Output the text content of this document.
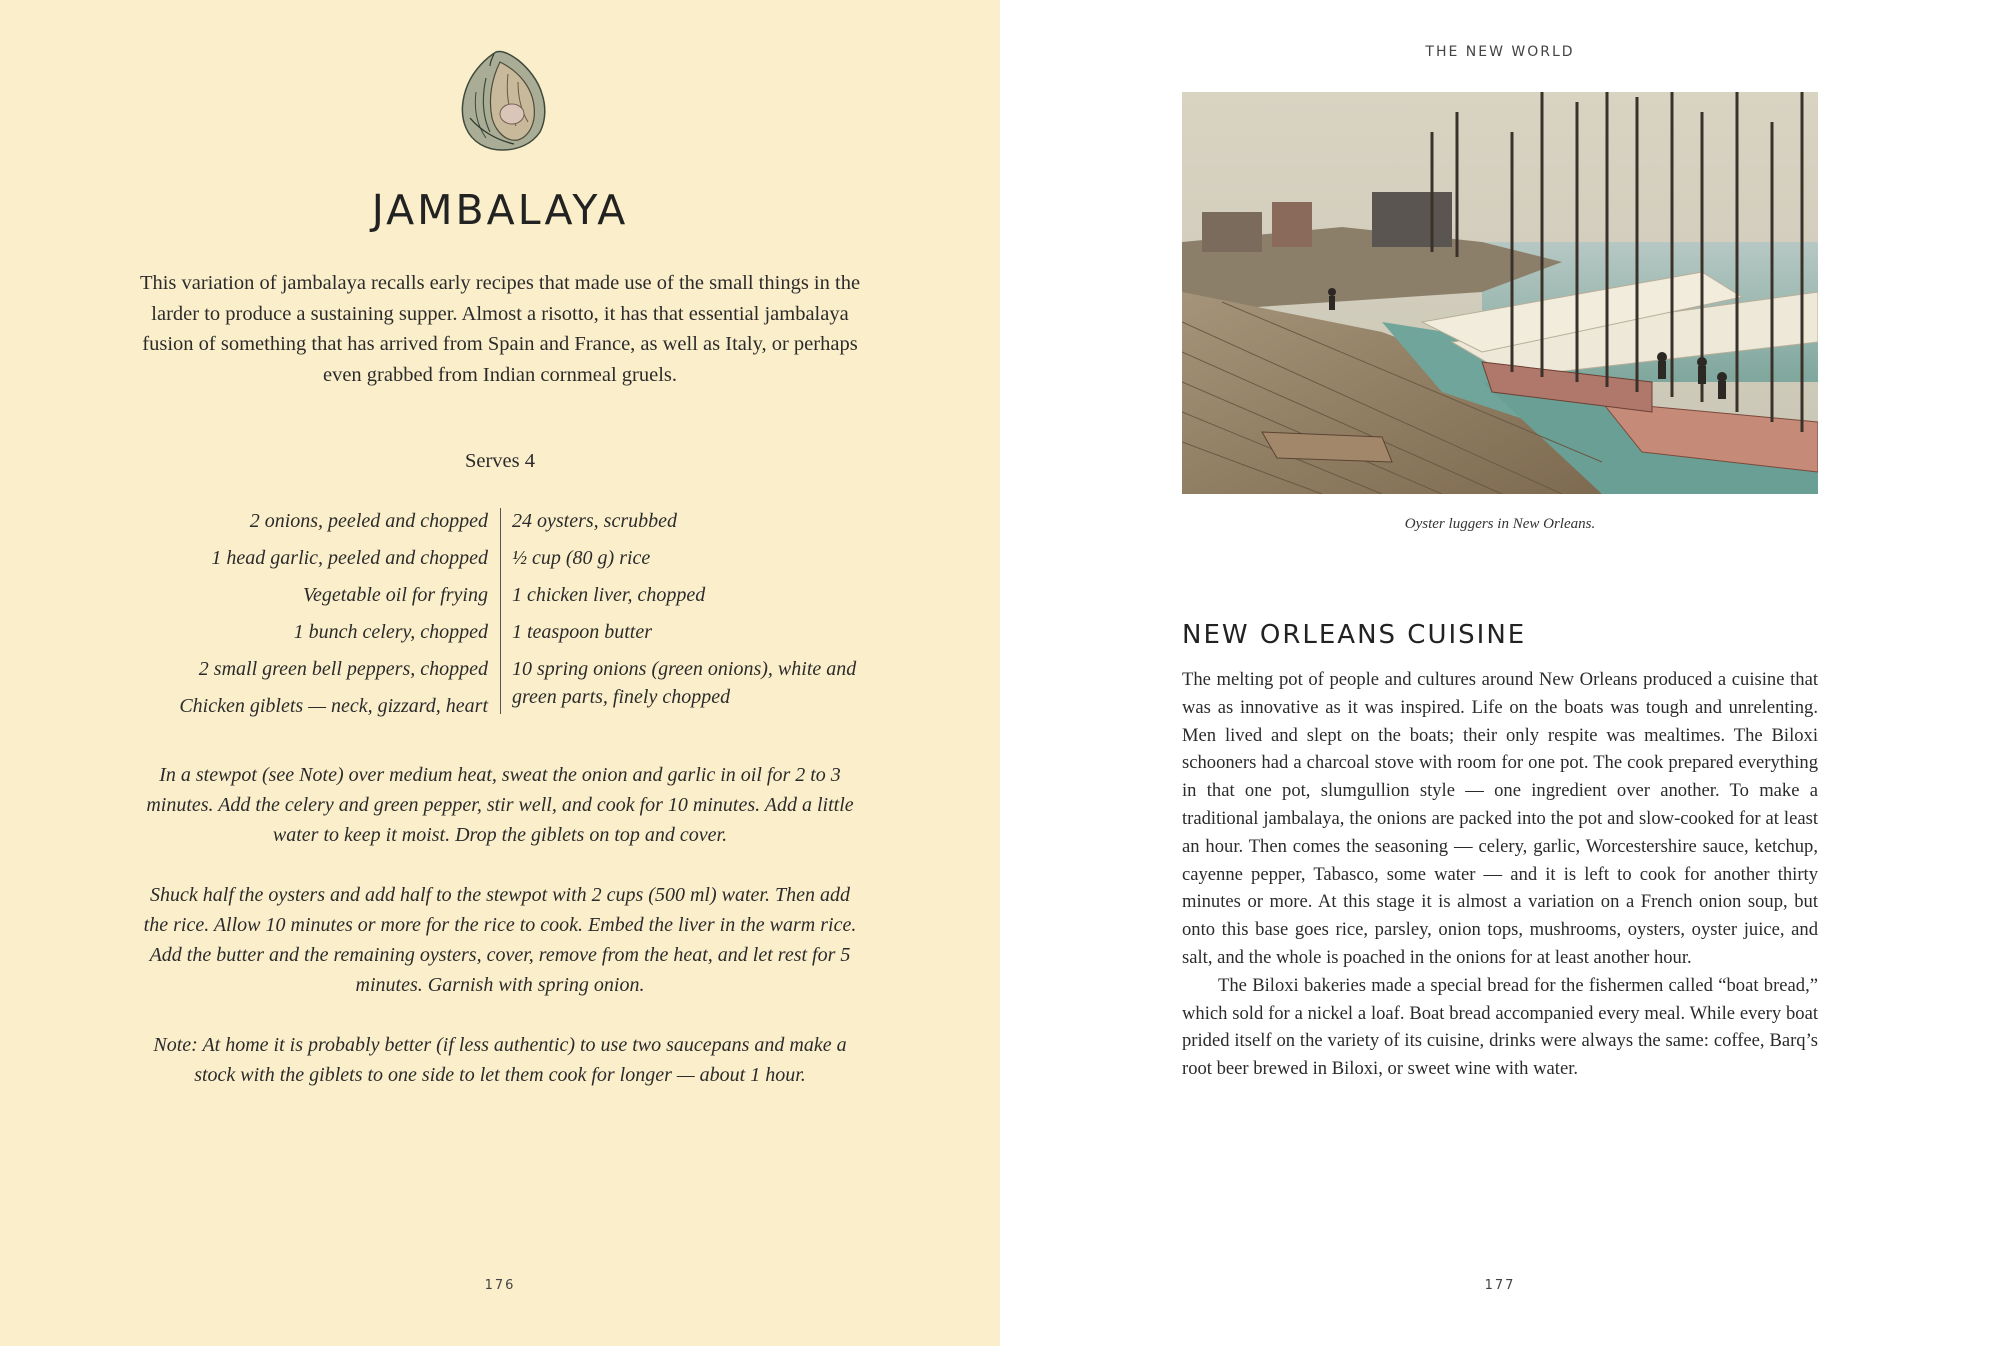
JAMBALAYA

This variation of jambalaya recalls early recipes that made use of the small things in the larder to produce a sustaining supper. Almost a risotto, it has that essential jambalaya fusion of something that has arrived from Spain and France, as well as Italy, or perhaps even grabbed from Indian cornmeal gruels.

Serves 4
2 onions, peeled and chopped
1 head garlic, peeled and chopped
Vegetable oil for frying
1 bunch celery, chopped
2 small green bell peppers, chopped
Chicken giblets — neck, gizzard, heart
24 oysters, scrubbed
½ cup (80 g) rice
1 chicken liver, chopped
1 teaspoon butter
10 spring onions (green onions), white and green parts, finely chopped

In a stewpot (see Note) over medium heat, sweat the onion and garlic in oil for 2 to 3 minutes. Add the celery and green pepper, stir well, and cook for 10 minutes. Add a little water to keep it moist. Drop the giblets on top and cover.

Shuck half the oysters and add half to the stewpot with 2 cups (500 ml) water. Then add the rice. Allow 10 minutes or more for the rice to cook. Embed the liver in the warm rice. Add the butter and the remaining oysters, cover, remove from the heat, and let rest for 5 minutes. Garnish with spring onion.

Note: At home it is probably better (if less authentic) to use two saucepans and make a stock with the giblets to one side to let them cook for longer — about 1 hour.

176
THE NEW WORLD
Oyster luggers in New Orleans.
NEW ORLEANS CUISINE

The melting pot of people and cultures around New Orleans produced a cuisine that was as innovative as it was inspired. Life on the boats was tough and unrelenting. Men lived and slept on the boats; their only respite was mealtimes. The Biloxi schooners had a charcoal stove with room for one pot. The cook prepared everything in that one pot, slumgullion style — one ingredient over another. To make a traditional jambalaya, the onions are packed into the pot and slow-cooked for at least an hour. Then comes the seasoning — celery, garlic, Worcestershire sauce, ketchup, cayenne pepper, Tabasco, some water — and it is left to cook for another thirty minutes or more. At this stage it is almost a variation on a French onion soup, but onto this base goes rice, parsley, onion tops, mushrooms, oysters, oyster juice, and salt, and the whole is poached in the onions for at least another hour.

The Biloxi bakeries made a special bread for the fishermen called “boat bread,” which sold for a nickel a loaf. Boat bread accompanied every meal. While every boat prided itself on the variety of its cuisine, drinks were always the same: coffee, Barq’s root beer brewed in Biloxi, or sweet wine with water.

177
